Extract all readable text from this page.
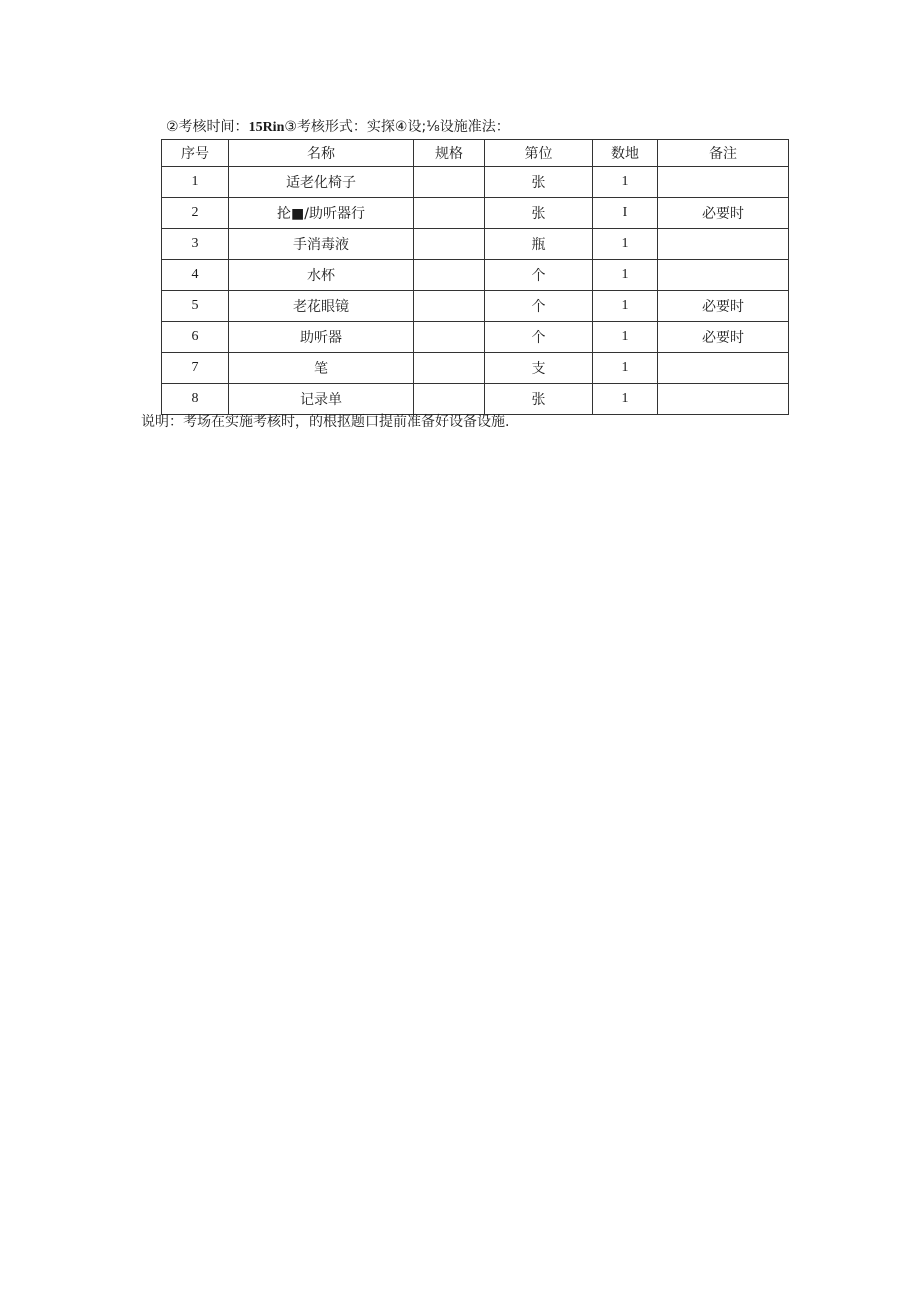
②考核时间：15Rin③考核形式：实探④设;⅛设施准法：
序号	名称	规格	第位	数地	备注
1	适老化椅子		张	1	
2	抡■/助听器行		张	I	必要时
3	手消毒液		瓶	1	
4	水杯		个	1	
5	老花眼镜		个	1	必要时
6	助听器		个	1	必要时
7	笔		支	1	
8	记录单		张	1	
说明：考场在实施考核时，的根抠题口提前准备好设备设施.
